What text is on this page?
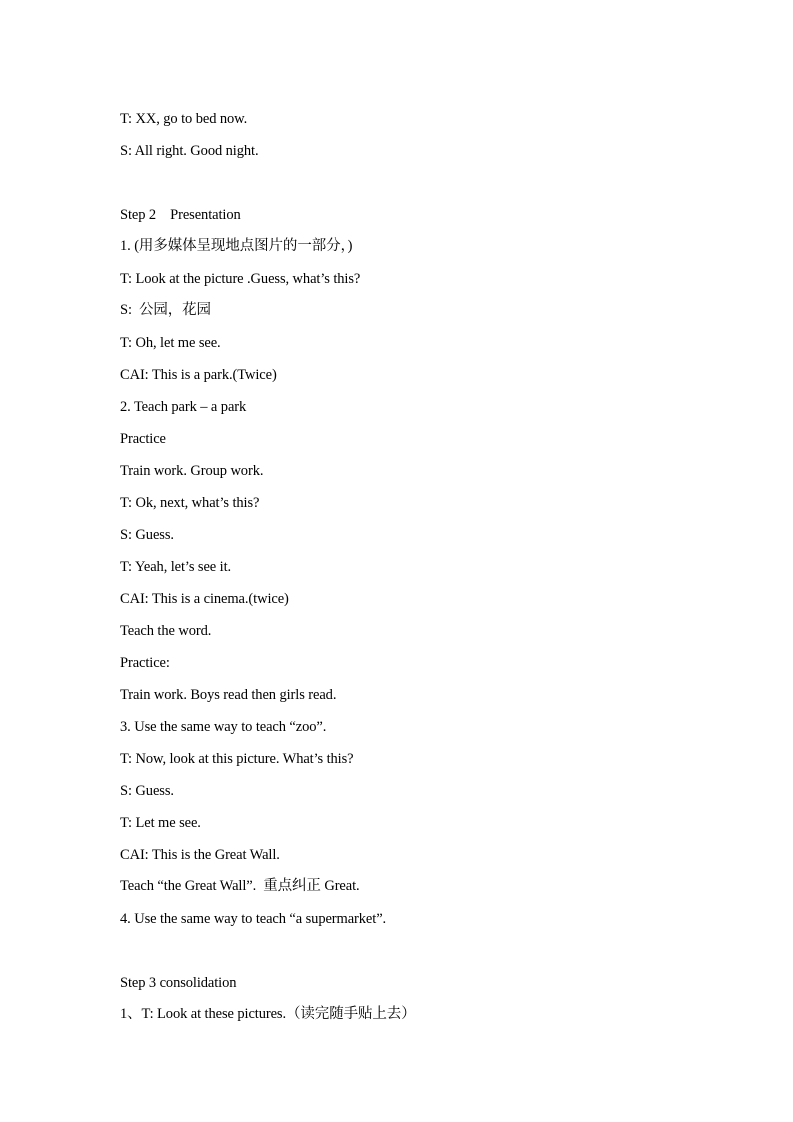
T: XX, go to bed now.
S: All right. Good night.
Step 2    Presentation
1. (用多媒体呈现地点图片的一部分，)
T: Look at the picture .Guess, what’s this?
S:  公园，花园
T: Oh, let me see.
CAI: This is a park.(Twice)
2. Teach park – a park
Practice
Train work. Group work.
T: Ok, next, what’s this?
S: Guess.
T: Yeah, let’s see it.
CAI: This is a cinema.(twice)
Teach the word.
Practice:
Train work. Boys read then girls read.
3. Use the same way to teach “zoo”.
T: Now, look at this picture. What’s this?
S: Guess.
T: Let me see.
CAI: This is the Great Wall.
Teach “the Great Wall”.  重点纠正 Great.
4. Use the same way to teach “a supermarket”.
Step 3 consolidation
1、T: Look at these pictures.（读完随手贴上去）
